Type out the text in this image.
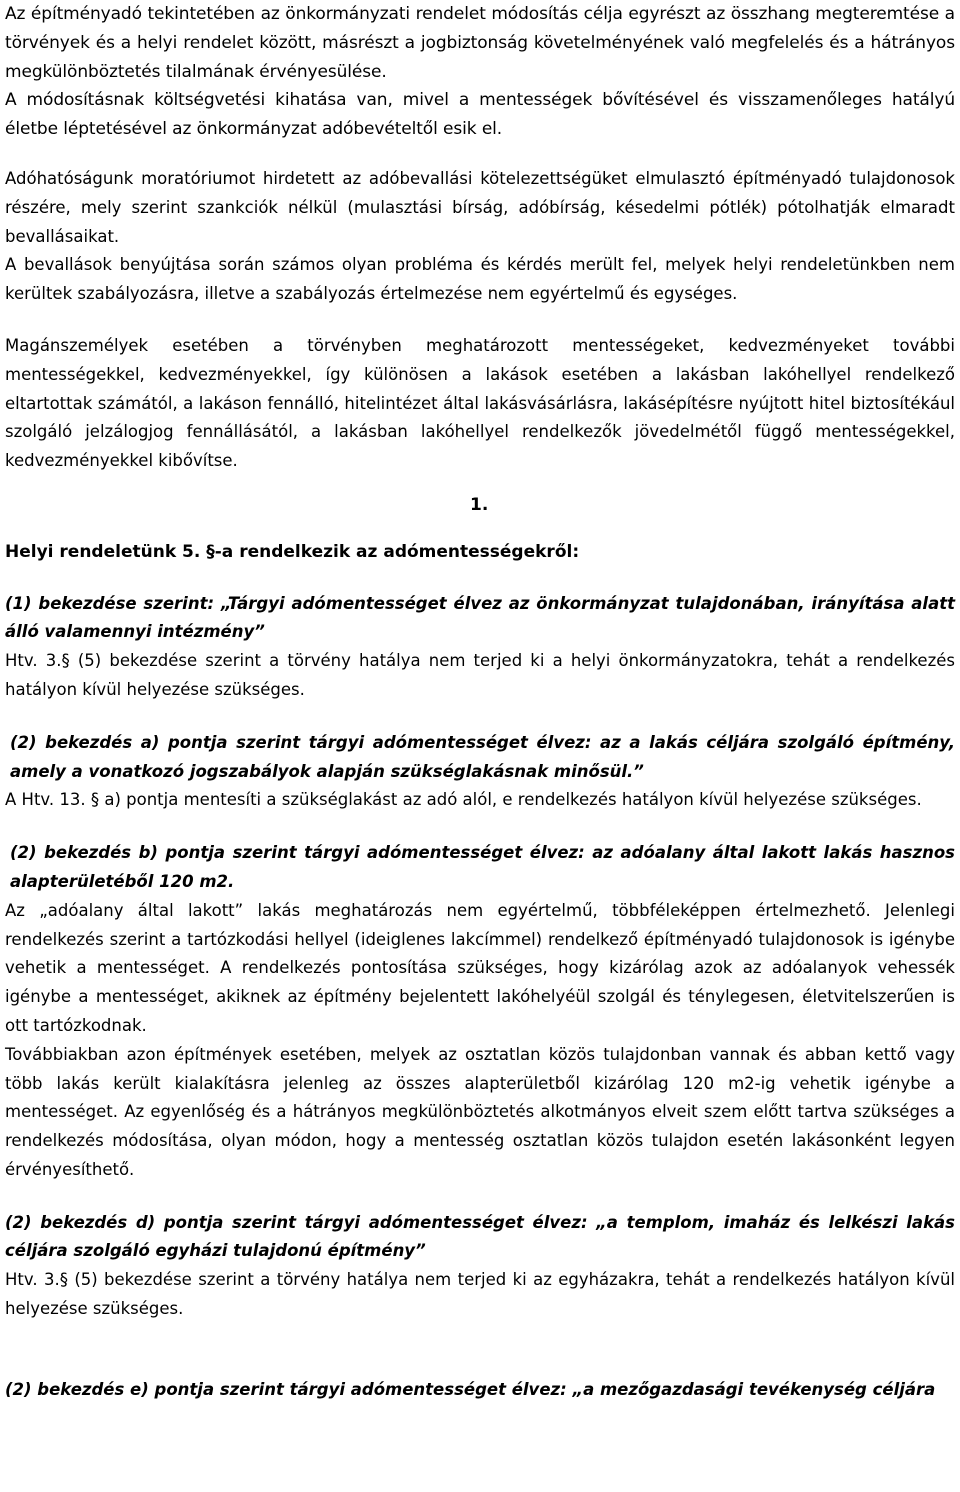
Az építményadó tekintetében az önkormányzati rendelet módosítás célja egyrészt az összhang megteremtése a törvények és a helyi rendelet között, másrészt a jogbiztonság követelményének való megfelelés és a hátrányos megkülönböztetés tilalmának érvényesülése.

A módosításnak költségvetési kihatása van, mivel a mentességek bővítésével és visszamenőleges hatályú életbe léptetésével az önkormányzat adóbevételtől esik el.

Adóhatóságunk moratóriumot hirdetett az adóbevallási kötelezettségüket elmulasztó építményadó tulajdonosok részére, mely szerint szankciók nélkül (mulasztási bírság, adóbírság, késedelmi pótlék) pótolhatják elmaradt bevallásaikat.

A bevallások benyújtása során számos olyan probléma és kérdés merült fel, melyek helyi rendeletünkben nem kerültek szabályozásra, illetve a szabályozás értelmezése nem egyértelmű és egységes.

Magánszemélyek esetében a törvényben meghatározott mentességeket, kedvezményeket további mentességekkel, kedvezményekkel, így különösen a lakások esetében a lakásban lakóhellyel rendelkező eltartottak számától, a lakáson fennálló, hitelintézet által lakásvásárlásra, lakásépítésre nyújtott hitel biztosítékául szolgáló jelzálogjog fennállásától, a lakásban lakóhellyel rendelkezők jövedelmétől függő mentességekkel, kedvezményekkel kibővítse.

1.

Helyi rendeletünk 5. §-a rendelkezik az adómentességekről:

(1) bekezdése szerint: „Tárgyi adómentességet élvez az önkormányzat tulajdonában, irányítása alatt álló valamennyi intézmény”

Htv. 3.§ (5) bekezdése szerint a törvény hatálya nem terjed ki a helyi önkormányzatokra, tehát a rendelkezés hatályon kívül helyezése szükséges.

(2) bekezdés a) pontja szerint tárgyi adómentességet élvez: az a lakás céljára szolgáló építmény, amely a vonatkozó jogszabályok alapján szükséglakásnak minősül.”

A Htv. 13. § a) pontja mentesíti a szükséglakást az adó alól, e rendelkezés hatályon kívül helyezése szükséges.

(2) bekezdés b) pontja szerint tárgyi adómentességet élvez: az adóalany által lakott lakás hasznos alapterületéből 120 m2.

Az „adóalany által lakott” lakás meghatározás nem egyértelmű, többféleképpen értelmezhető. Jelenlegi rendelkezés szerint a tartózkodási hellyel (ideiglenes lakcímmel) rendelkező építményadó tulajdonosok is igénybe vehetik a mentességet. A rendelkezés pontosítása szükséges, hogy kizárólag azok az adóalanyok vehessék igénybe a mentességet, akiknek az építmény bejelentett lakóhelyéül szolgál és ténylegesen, életvitelszerűen is ott tartózkodnak.

Továbbiakban azon építmények esetében, melyek az osztatlan közös tulajdonban vannak és abban kettő vagy több lakás került kialakításra jelenleg az összes alapterületből kizárólag 120 m2-ig vehetik igénybe a mentességet. Az egyenlőség és a hátrányos megkülönböztetés alkotmányos elveit szem előtt tartva szükséges a rendelkezés módosítása, olyan módon, hogy a mentesség osztatlan közös tulajdon esetén lakásonként legyen érvényesíthető.

(2) bekezdés d) pontja szerint tárgyi adómentességet élvez: „a templom, imaház és lelkészi lakás céljára szolgáló egyházi tulajdonú építmény”

Htv. 3.§ (5) bekezdése szerint a törvény hatálya nem terjed ki az egyházakra, tehát a rendelkezés hatályon kívül helyezése szükséges.

(2) bekezdés e) pontja szerint tárgyi adómentességet élvez: „a mezőgazdasági tevékenység céljára
